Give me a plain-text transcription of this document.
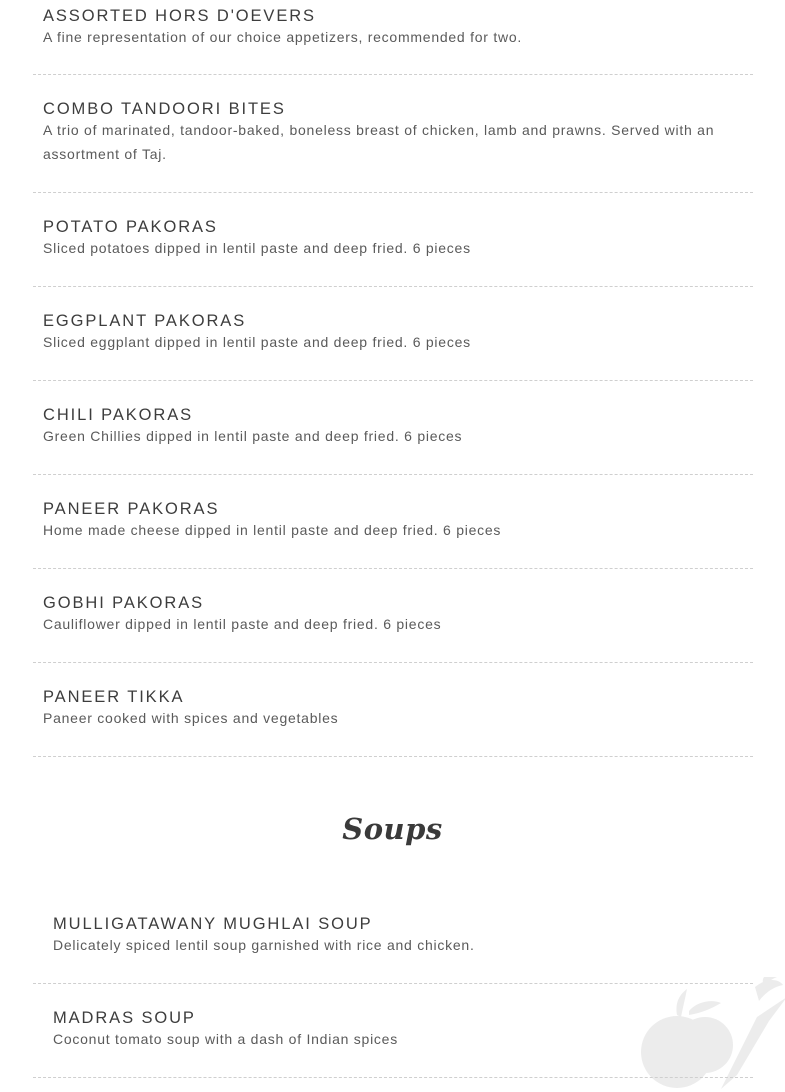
ASSORTED HORS D'OEVERS
A fine representation of our choice appetizers, recommended for two.
COMBO TANDOORI BITES
A trio of marinated, tandoor-baked, boneless breast of chicken, lamb and prawns. Served with an assortment of Taj.
POTATO PAKORAS
Sliced potatoes dipped in lentil paste and deep fried. 6 pieces
EGGPLANT PAKORAS
Sliced eggplant dipped in lentil paste and deep fried. 6 pieces
CHILI PAKORAS
Green Chillies dipped in lentil paste and deep fried. 6 pieces
PANEER PAKORAS
Home made cheese dipped in lentil paste and deep fried. 6 pieces
GOBHI PAKORAS
Cauliflower dipped in lentil paste and deep fried. 6 pieces
PANEER TIKKA
Paneer cooked with spices and vegetables
Soups
MULLIGATAWANY MUGHLAI SOUP
Delicately spiced lentil soup garnished with rice and chicken.
MADRAS SOUP
Coconut tomato soup with a dash of Indian spices
